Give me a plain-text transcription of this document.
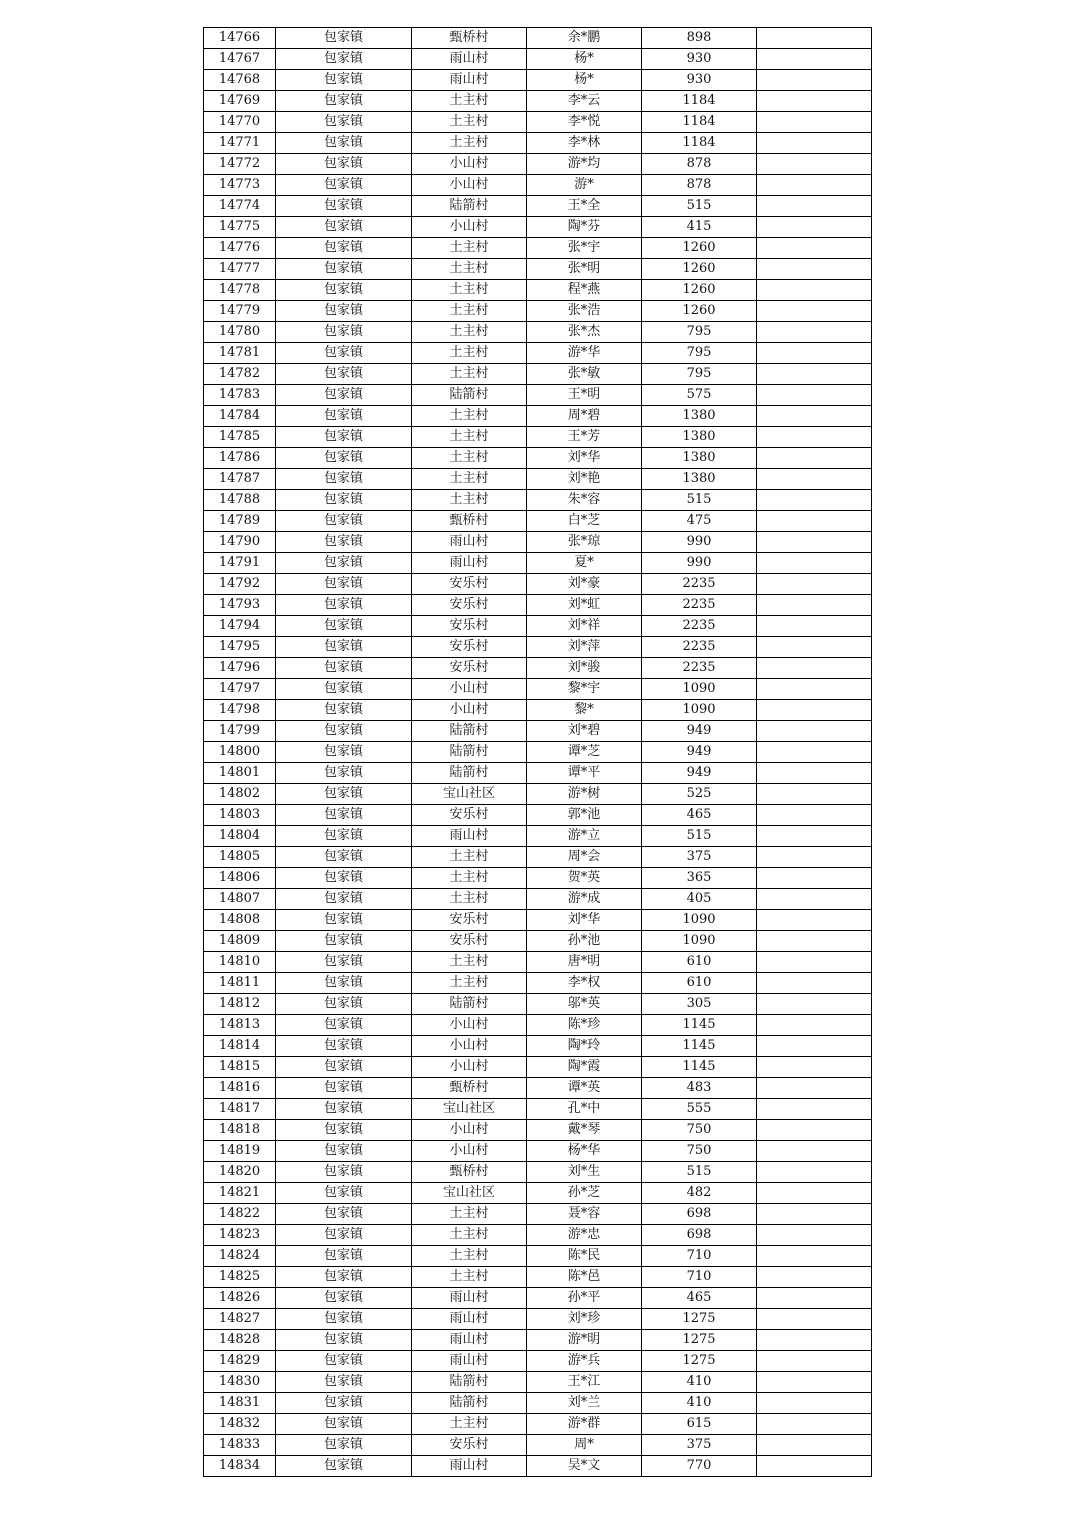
14766	包家镇	甄桥村	余*鹏	898	
14767	包家镇	雨山村	杨*	930	
14768	包家镇	雨山村	杨*	930	
14769	包家镇	土主村	李*云	1184	
14770	包家镇	土主村	李*悦	1184	
14771	包家镇	土主村	李*林	1184	
14772	包家镇	小山村	游*均	878	
14773	包家镇	小山村	游*	878	
14774	包家镇	陆箭村	王*全	515	
14775	包家镇	小山村	陶*芬	415	
14776	包家镇	土主村	张*宇	1260	
14777	包家镇	土主村	张*明	1260	
14778	包家镇	土主村	程*燕	1260	
14779	包家镇	土主村	张*浩	1260	
14780	包家镇	土主村	张*杰	795	
14781	包家镇	土主村	游*华	795	
14782	包家镇	土主村	张*敏	795	
14783	包家镇	陆箭村	王*明	575	
14784	包家镇	土主村	周*碧	1380	
14785	包家镇	土主村	王*芳	1380	
14786	包家镇	土主村	刘*华	1380	
14787	包家镇	土主村	刘*艳	1380	
14788	包家镇	土主村	朱*容	515	
14789	包家镇	甄桥村	白*芝	475	
14790	包家镇	雨山村	张*琼	990	
14791	包家镇	雨山村	夏*	990	
14792	包家镇	安乐村	刘*豪	2235	
14793	包家镇	安乐村	刘*虹	2235	
14794	包家镇	安乐村	刘*祥	2235	
14795	包家镇	安乐村	刘*萍	2235	
14796	包家镇	安乐村	刘*骏	2235	
14797	包家镇	小山村	黎*宇	1090	
14798	包家镇	小山村	黎*	1090	
14799	包家镇	陆箭村	刘*碧	949	
14800	包家镇	陆箭村	谭*芝	949	
14801	包家镇	陆箭村	谭*平	949	
14802	包家镇	宝山社区	游*树	525	
14803	包家镇	安乐村	郭*池	465	
14804	包家镇	雨山村	游*立	515	
14805	包家镇	土主村	周*会	375	
14806	包家镇	土主村	贺*英	365	
14807	包家镇	土主村	游*成	405	
14808	包家镇	安乐村	刘*华	1090	
14809	包家镇	安乐村	孙*池	1090	
14810	包家镇	土主村	唐*明	610	
14811	包家镇	土主村	李*权	610	
14812	包家镇	陆箭村	邬*英	305	
14813	包家镇	小山村	陈*珍	1145	
14814	包家镇	小山村	陶*玲	1145	
14815	包家镇	小山村	陶*霞	1145	
14816	包家镇	甄桥村	谭*英	483	
14817	包家镇	宝山社区	孔*中	555	
14818	包家镇	小山村	戴*琴	750	
14819	包家镇	小山村	杨*华	750	
14820	包家镇	甄桥村	刘*生	515	
14821	包家镇	宝山社区	孙*芝	482	
14822	包家镇	土主村	聂*容	698	
14823	包家镇	土主村	游*忠	698	
14824	包家镇	土主村	陈*民	710	
14825	包家镇	土主村	陈*邑	710	
14826	包家镇	雨山村	孙*平	465	
14827	包家镇	雨山村	刘*珍	1275	
14828	包家镇	雨山村	游*明	1275	
14829	包家镇	雨山村	游*兵	1275	
14830	包家镇	陆箭村	王*江	410	
14831	包家镇	陆箭村	刘*兰	410	
14832	包家镇	土主村	游*群	615	
14833	包家镇	安乐村	周*	375	
14834	包家镇	雨山村	吴*文	770	
